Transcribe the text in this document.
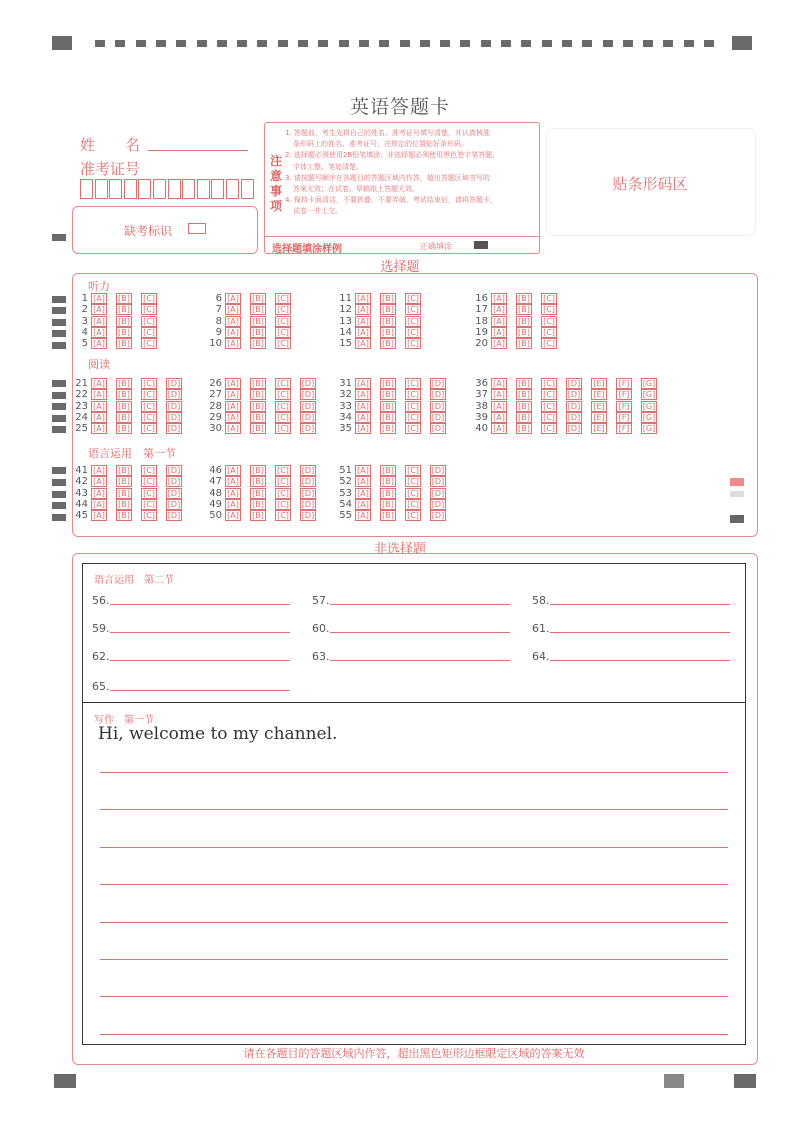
英语答题卡
姓　　名
准考证号
缺考标识
注
意
事
项
1. 答题前，考生先将自己的姓名、准考证号填写清楚，并认真核准
条形码上的姓名、准考证号，在规定的位置贴好条形码。
2. 选择题必须使用2B铅笔填涂；非选择题必须使用黑色签字笔答题，
字体工整、笔迹清楚。
3. 请按题号顺序在各题目的答题区域内作答，超出答题区域书写的
答案无效；在试卷、草稿纸上答题无效。
4. 保持卡面清洁，不要折叠、不要弄破、考试结束后，请将答题卡，
试卷一并上交。
选择题填涂样例	正确填涂
贴条形码区
选择题
听力
阅读
语言运用　第一节
1 [A] [B] [C]
2 [A] [B] [C]
3 [A] [B] [C]
4 [A] [B] [C]
5 [A] [B] [C]
6 [A] [B] [C]
7 [A] [B] [C]
8 [A] [B] [C]
9 [A] [B] [C]
10 [A] [B] [C]
11 [A] [B] [C]
12 [A] [B] [C]
13 [A] [B] [C]
14 [A] [B] [C]
15 [A] [B] [C]
16 [A] [B] [C]
17 [A] [B] [C]
18 [A] [B] [C]
19 [A] [B] [C]
20 [A] [B] [C]
21 [A] [B] [C] [D]
22 [A] [B] [C] [D]
23 [A] [B] [C] [D]
24 [A] [B] [C] [D]
25 [A] [B] [C] [D]
26 [A] [B] [C] [D]
27 [A] [B] [C] [D]
28 [A] [B] [C] [D]
29 [A] [B] [C] [D]
30 [A] [B] [C] [D]
31 [A] [B] [C] [D]
32 [A] [B] [C] [D]
33 [A] [B] [C] [D]
34 [A] [B] [C] [D]
35 [A] [B] [C] [D]
36 [A] [B] [C] [D] [E]	[F]	[G]
37 [A] [B] [C] [D] [E]	[F]	[G]
38 [A] [B] [C] [D] [E]	[F]	[G]
39 [A] [B] [C] [D] [E]	[F]	[G]
40 [A] [B] [C] [D] [E]	[F]	[G]
41 [A] [B] [C] [D]
42 [A] [B] [C] [D]
43 [A] [B] [C] [D]
44 [A] [B] [C] [D]
45 [A] [B] [C] [D]
46 [A] [B] [C] [D]
47 [A] [B] [C] [D]
48 [A] [B] [C] [D]
49 [A] [B] [C] [D]
50 [A] [B] [C] [D]
51 [A] [B] [C] [D]
52 [A] [B] [C] [D]
53 [A] [B] [C] [D]
54 [A] [B] [C] [D]
55 [A] [B] [C] [D]
非选择题
语言运用　第二节
56.	57.	58.
59.	60.	61.
62.	63.	64.
65.
写作　第一节
Hi, welcome to my channel.
请在各题目的答题区域内作答，超出黑色矩形边框限定区域的答案无效
